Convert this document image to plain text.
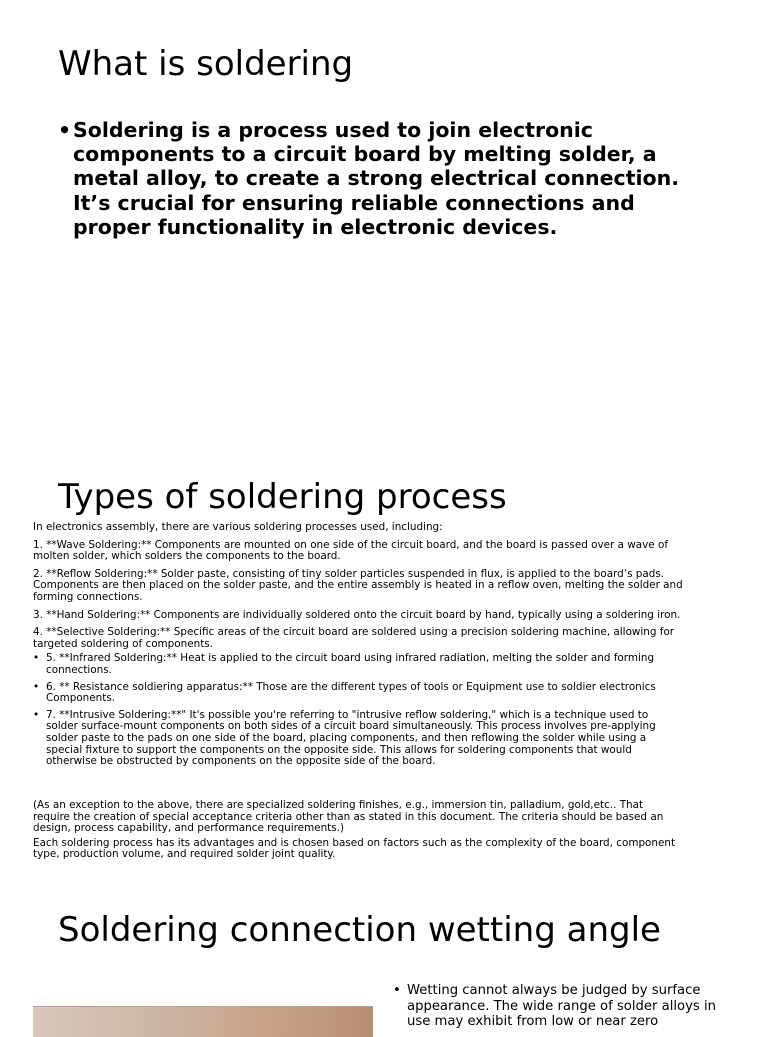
What is soldering
• Soldering is a process used to join electronic components to a circuit board by melting solder, a metal alloy, to create a strong electrical connection. It’s crucial for ensuring reliable connections and proper functionality in electronic devices.
Types of soldering process

In electronics assembly, there are various soldering processes used, including:

1. **Wave Soldering:** Components are mounted on one side of the circuit board, and the board is passed over a wave of molten solder, which solders the components to the board.

2. **Reflow Soldering:** Solder paste, consisting of tiny solder particles suspended in flux, is applied to the board’s pads. Components are then placed on the solder paste, and the entire assembly is heated in a reflow oven, melting the solder and forming connections.

3. **Hand Soldering:** Components are individually soldered onto the circuit board by hand, typically using a soldering iron.

4. **Selective Soldering:** Specific areas of the circuit board are soldered using a precision soldering machine, allowing for targeted soldering of components.

• 5. **Infrared Soldering:** Heat is applied to the circuit board using infrared radiation, melting the solder and forming connections.
• 6. ** Resistance soldiering apparatus:** Those are the different types of tools or Equipment use to soldier electronics Components.
• 7. **Intrusive Soldering:**" It's possible you're referring to "intrusive reflow soldering," which is a technique used to solder surface-mount components on both sides of a circuit board simultaneously. This process involves pre-applying solder paste to the pads on one side of the board, placing components, and then reflowing the solder while using a special fixture to support the components on the opposite side. This allows for soldering components that would otherwise be obstructed by components on the opposite side of the board.

(As an exception to the above, there are specialized soldering finishes, e.g., immersion tin, palladium, gold,etc.. That require the creation of special acceptance criteria other than as stated in this document. The criteria should be based an design, process capability, and performance requirements.)

Each soldering process has its advantages and is chosen based on factors such as the complexity of the board, component type, production volume, and required solder joint quality.

Soldering connection wetting angle
• Wetting cannot always be judged by surface appearance. The wide range of solder alloys in use may exhibit from low or near zero
